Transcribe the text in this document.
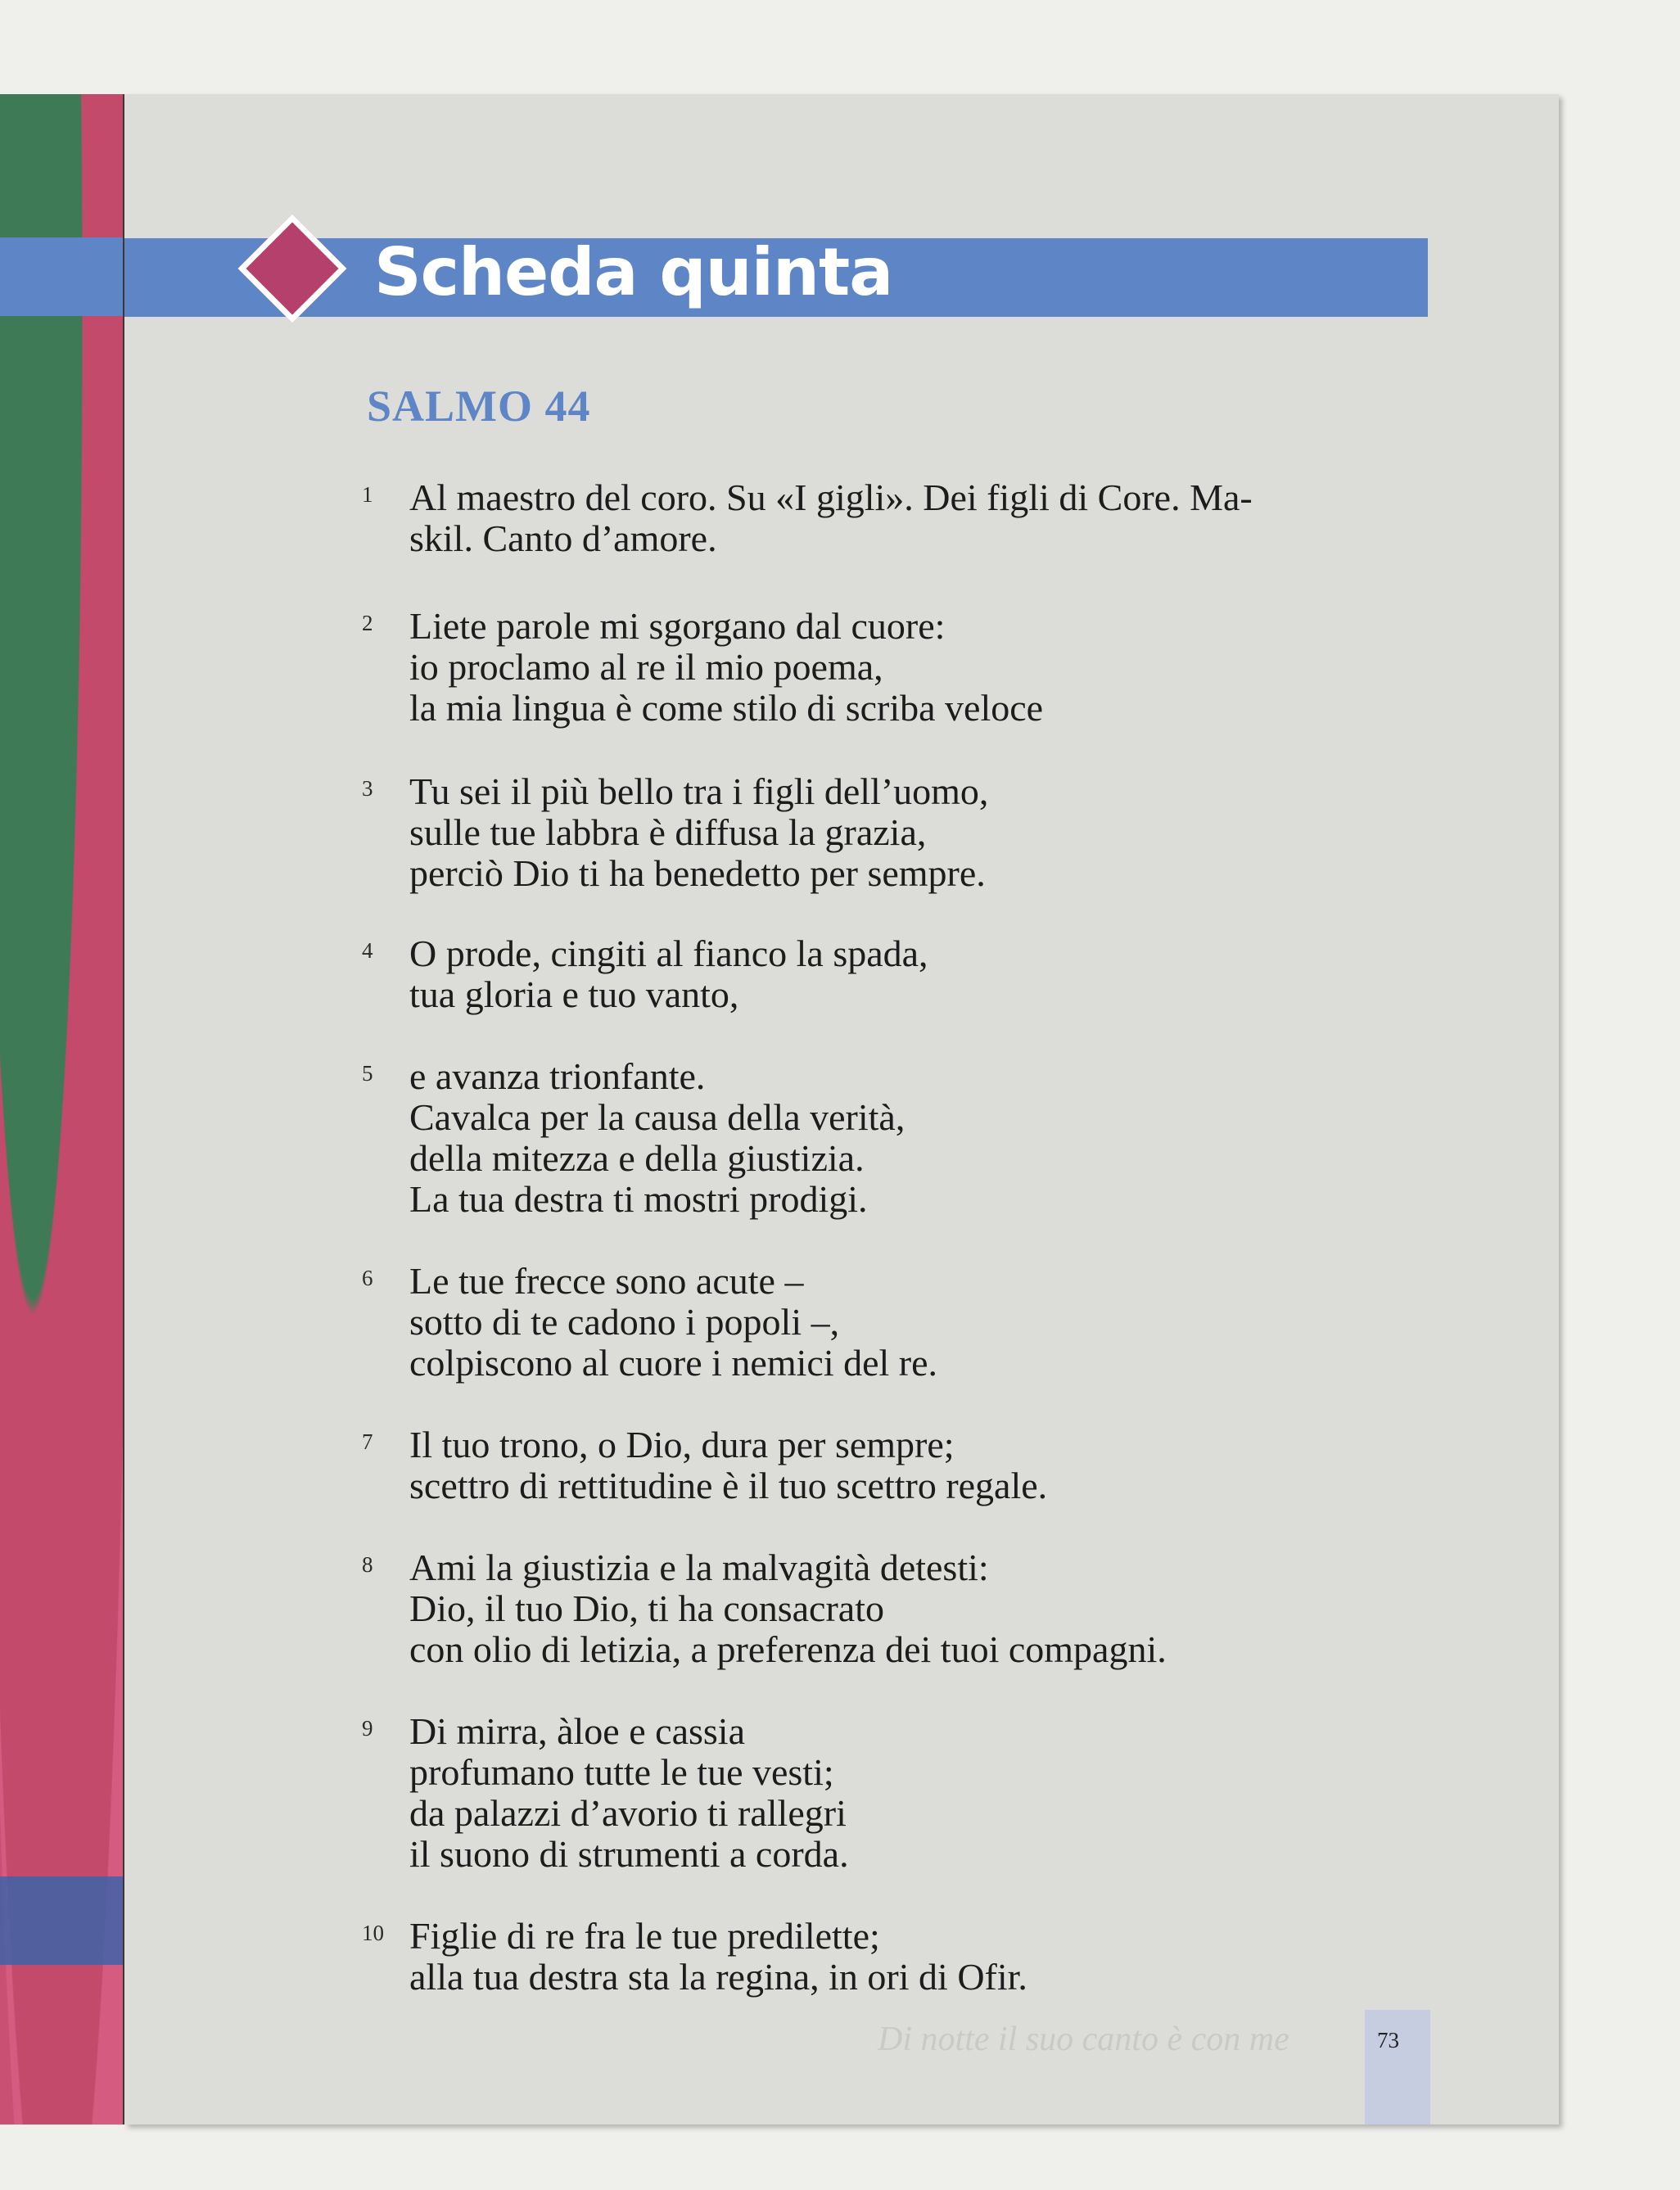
Scheda quinta
SALMO 44
1 Al maestro del coro. Su «I gigli». Dei figli di Core. Ma-
skil. Canto d’amore.
2 Liete parole mi sgorgano dal cuore:
io proclamo al re il mio poema,
la mia lingua è come stilo di scriba veloce
3 Tu sei il più bello tra i figli dell’uomo,
sulle tue labbra è diffusa la grazia,
perciò Dio ti ha benedetto per sempre.
4 O prode, cingiti al fianco la spada,
tua gloria e tuo vanto,
5 e avanza trionfante.
Cavalca per la causa della verità,
della mitezza e della giustizia.
La tua destra ti mostri prodigi.
6 Le tue frecce sono acute –
sotto di te cadono i popoli –,
colpiscono al cuore i nemici del re.
7 Il tuo trono, o Dio, dura per sempre;
scettro di rettitudine è il tuo scettro regale.
8 Ami la giustizia e la malvagità detesti:
Dio, il tuo Dio, ti ha consacrato
con olio di letizia, a preferenza dei tuoi compagni.
9 Di mirra, àloe e cassia
profumano tutte le tue vesti;
da palazzi d’avorio ti rallegri
il suono di strumenti a corda.
10 Figlie di re fra le tue predilette;
alla tua destra sta la regina, in ori di Ofir.
Di notte il suo canto è con me	73
